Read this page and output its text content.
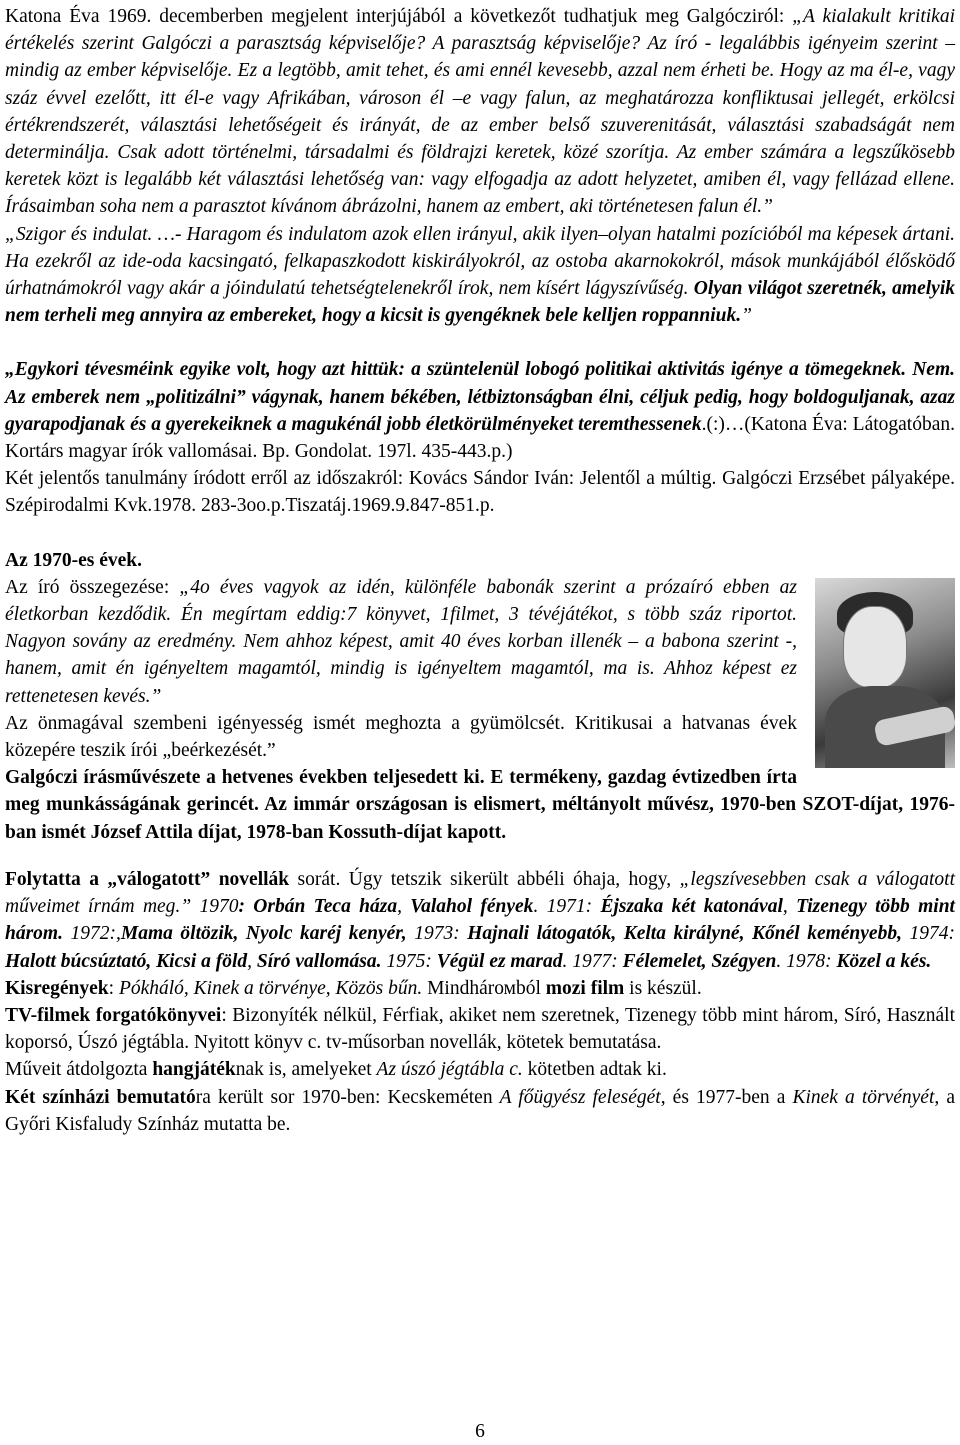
Katona Éva 1969. decemberben megjelent interjújából a következőt tudhatjuk meg Galgócziról: „A kialakult kritikai értékelés szerint Galgóczi a parasztság képviselője? A parasztság képviselője? Az író - legalábbis igényeim szerint –mindig az ember képviselője. Ez a legtöbb, amit tehet, és ami ennél kevesebb, azzal nem érheti be. Hogy az ma él-e, vagy száz évvel ezelőtt, itt él-e vagy Afrikában, városon él –e vagy falun, az meghatározza konfliktusai jellegét, erkölcsi értékrendszerét, választási lehetőségeit és irányát, de az ember belső szuverenitását, választási szabadságát nem determinálja. Csak adott történelmi, társadalmi és földrajzi keretek, közé szorítja. Az ember számára a legszűkösebb keretek közt is legalább két választási lehetőség van: vagy elfogadja az adott helyzetet, amiben él, vagy fellázad ellene. Írásaimban soha nem a parasztot kívánom ábrázolni, hanem az embert, aki történetesen falun él.”
„Szigor és indulat. …- Haragom és indulatom azok ellen irányul, akik ilyen–olyan hatalmi pozícióból ma képesek ártani. Ha ezekről az ide-oda kacsingató, felkapaszkodott kiskirályokról, az ostoba akarnokokról, mások munkájából élősködő úrhatnámokról vagy akár a jóindulatú tehetségtelenekről írok, nem kísért lágyszívűség. Olyan világot szeretnék, amelyik nem terheli meg annyira az embereket, hogy a kicsit is gyengéknek bele kelljen roppanniuk.”

„Egykori tévesméink egyike volt, hogy azt hittük: a szüntelenül lobogó politikai aktivitás igénye a tömegeknek. Nem. Az emberek nem „politizálni” vágynak, hanem békében, létbiztonságban élni, céljuk pedig, hogy boldoguljanak, azaz gyarapodjanak és a gyerekeiknek a magukénál jobb életkörülményeket teremthessenek.(:)…(Katona Éva: Látogatóban. Kortárs magyar írók vallomásai. Bp. Gondolat. 197l. 435-443.p.)

Két jelentős tanulmány íródott erről az időszakról: Kovács Sándor Iván: Jelentől a múltig. Galgóczi Erzsébet pályaképe. Szépirodalmi Kvk.1978. 283-3oo.p.Tiszatáj.1969.9.847-851.p.

Az 1970-es évek.

Az író összegezése: „4o éves vagyok az idén, különféle babonák szerint a prózaíró ebben az életkorban kezdődik. Én megírtam eddig:7 könyvet, 1filmet, 3 tévéjátékot, s több száz riportot. Nagyon sovány az eredmény. Nem ahhoz képest, amit 40 éves korban illenék – a babona szerint -, hanem, amit én igényeltem magamtól, mindig is igényeltem magamtól, ma is. Ahhoz képest ez rettenetesen kevés.”

Az önmagával szembeni igényesség ismét meghozta a gyümölcsét. Kritikusai a hatvanas évek közepére teszik írói „beérkezését.”

Galgóczi írásművészete a hetvenes években teljesedett ki. E termékeny, gazdag évtizedben írta meg munkásságának gerincét. Az immár országosan is elismert, méltányolt művész, 1970-ben SZOT-díjat, 1976-ban ismét József Attila díjat, 1978-ban Kossuth-díjat kapott.

Folytatta a „válogatott” novellák sorát. Úgy tetszik sikerült abbéli óhaja, hogy, „legszívesebben csak a válogatott műveimet írnám meg.” 1970: Orbán Teca háza, Valahol fények. 1971: Éjszaka két katonával, Tizenegy több mint három. 1972:,Mama öltözik, Nyolc karéj kenyér, 1973: Hajnali látogatók, Kelta királyné, Kőnél keményebb, 1974: Halott búcsúztató, Kicsi a föld, Síró vallomása. 1975: Végül ez marad. 1977: Félemelet, Szégyen. 1978: Közel a kés.

Kisregények: Pókháló, Kinek a törvénye, Közös bűn. Mindhárомból mozi film is készül.

TV-filmek forgatókönyvei: Bizonyíték nélkül, Férfiak, akiket nem szeretnek, Tizenegy több mint három, Síró, Használt koporsó, Úszó jégtábla. Nyitott könyv c. tv-műsorban novellák, kötetek bemutatása.

Műveit átdolgozta hangjátéknak is, amelyeket Az úszó jégtábla c. kötetben adtak ki.

Két színházi bemutatóra került sor 1970-ben: Kecskeméten A főügyész feleségét, és 1977-ben a Kinek a törvényét, a Győri Kisfaludy Színház mutatta be.

6
